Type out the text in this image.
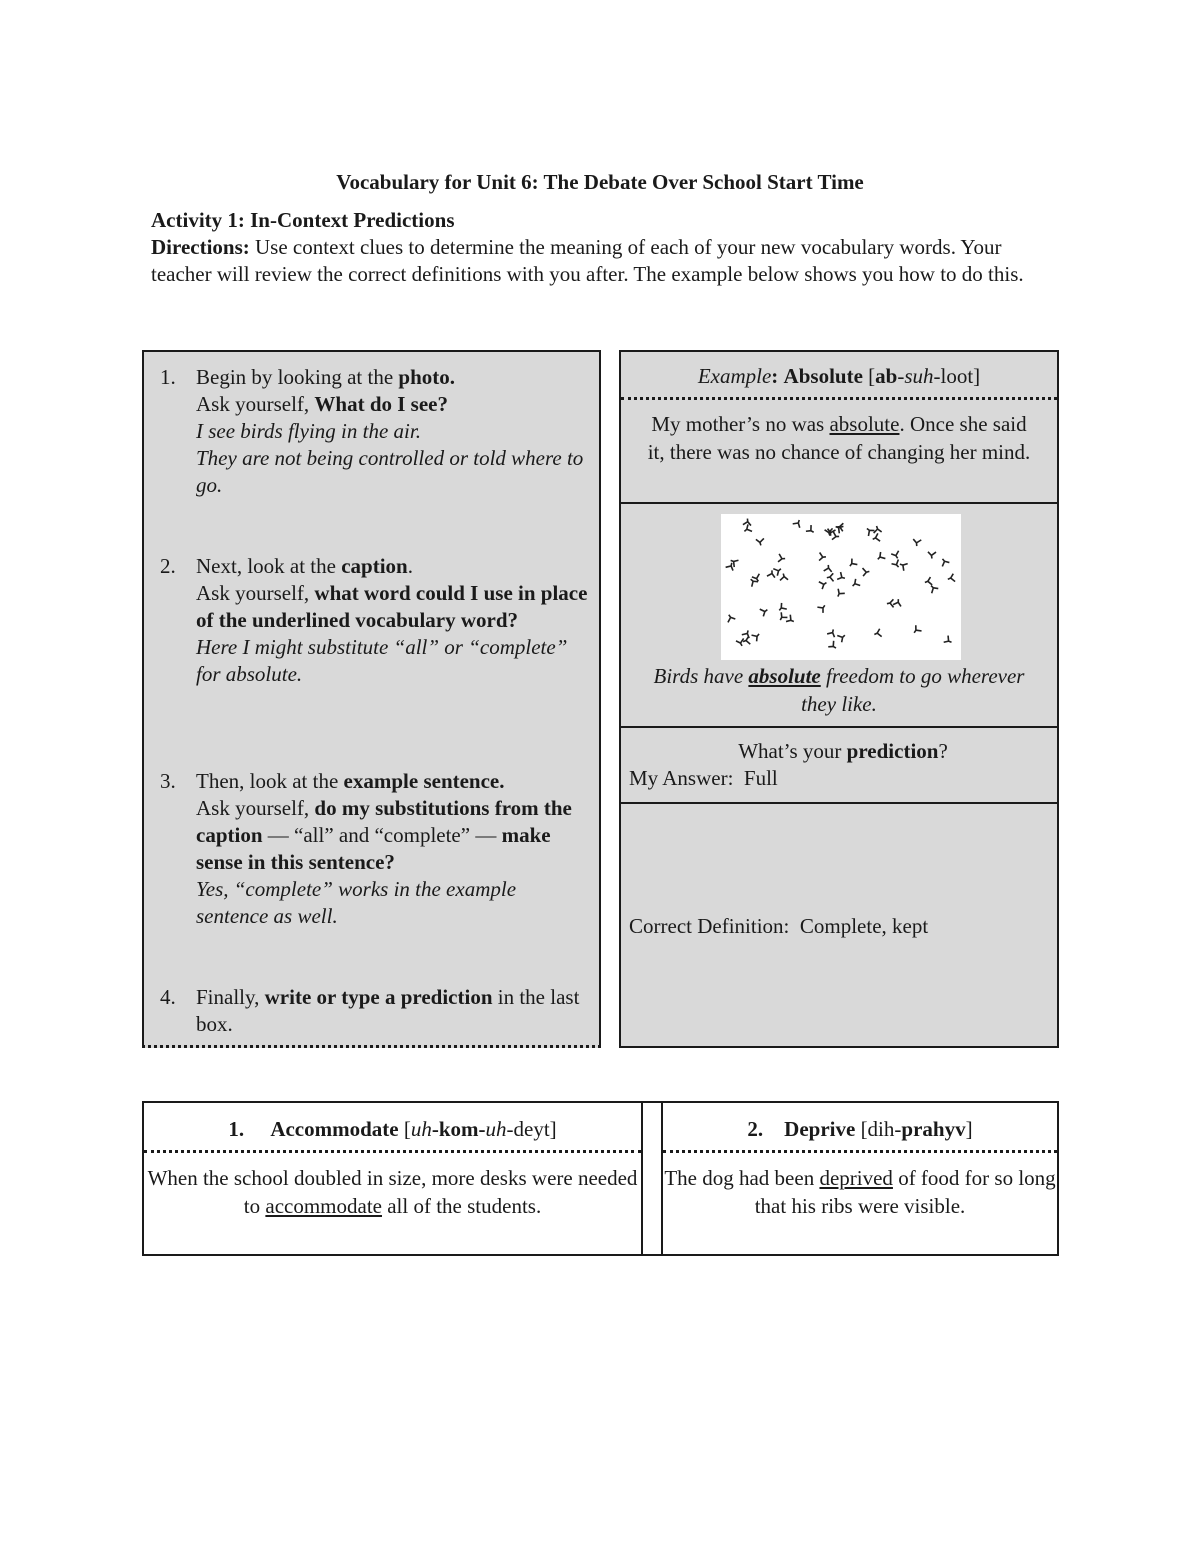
Vocabulary for Unit 6: The Debate Over School Start Time
Activity 1: In-Context Predictions
Directions: Use context clues to determine the meaning of each of your new vocabulary words. Your teacher will review the correct definitions with you after. The example below shows you how to do this.
1. Begin by looking at the photo.
Ask yourself, What do I see?
I see birds flying in the air.
They are not being controlled or told where to go.
2. Next, look at the caption.
Ask yourself, what word could I use in place of the underlined vocabulary word?
Here I might substitute “all” or “complete” for absolute.
3. Then, look at the example sentence.
Ask yourself, do my substitutions from the caption — “all” and “complete” — make sense in this sentence?
Yes, “complete” works in the example sentence as well.
4. Finally, write or type a prediction in the last box.
Example: Absolute [ab-suh-loot]
My mother’s no was absolute. Once she said it, there was no chance of changing her mind.
Birds have absolute freedom to go wherever they like.
What’s your prediction?
My Answer: Full
Correct Definition: Complete, kept
1. Accommodate [uh-kom-uh-deyt]
When the school doubled in size, more desks were needed to accommodate all of the students.
2. Deprive [dih-prahyv]
The dog had been deprived of food for so long
that his ribs were visible.
